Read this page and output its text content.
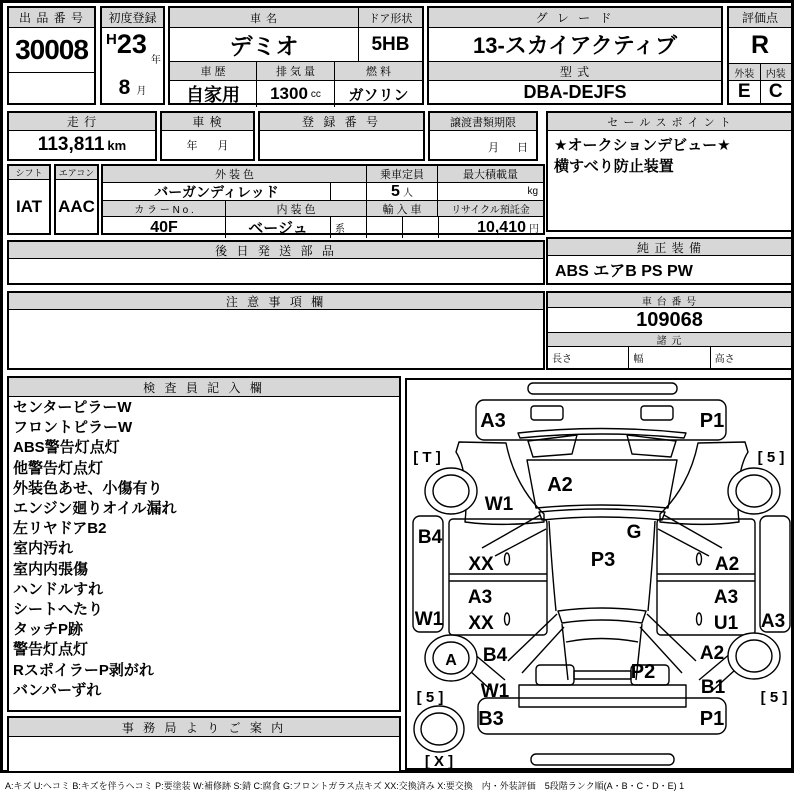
出 品 番 号
30008
初度登録
H 23
年
8 月
車 名	ドア形状
デミオ	5HB
車 歴	排 気 量	燃 料
自家用	1300 cc	ガソリン
グ レ ー ド
13-スカイアクティブ
型 式
DBA-DEJFS
評価点
R
外装	内装
E C
走 行
113,811 km
車 検
年 月
登 録 番 号	譲渡書類期限
月 日
セ ー ル ス ポ イ ン ト
★オークションデビュー★
横すべり防止装置
シフト
IAT
エアコン
AAC
外 装 色	乗車定員	最大積載量
バーガンディレッド	5 人	kg
カ ラ ー N o .	内 装 色	輸 入 車	リサイクル預託金
40F	ベージュ	系	10,410 円
後 日 発 送 部 品	純 正 装 備
ABS エアB PS PW
注 意 事 項 欄	車 台 番 号
109068
諸 元
長さ	幅	高さ
検 査 員 記 入 欄
センターピラーW
フロントピラーW
ABS警告灯点灯
他警告灯点灯
外装色あせ、小傷有り
エンジン廻りオイル漏れ
左リヤドアB2
室内汚れ
室内内張傷
ハンドルすれ
シートへたり
タッチP跡
警告灯点灯
RスポイラーP剥がれ
バンパーずれ
事 務 局 よ り ご 案 内
A3	P1
[ T ]	[ 5 ]
W1
A2
G
P3
B4
XX	A2
A3
XX
A3
U1
W1	A3
A B4
W1
A2
B1
[ 5 ]	[ 5 ]
P2
B3	P1
[ X ]
A:キズ U:ヘコミ B:キズを伴うヘコミ P:要塗装 W:補修跡 S:錆 C:腐食 G:フロントガラス点キズ XX:交換済み X:要交換　内・外装評価　5段階ランク順(A・B・C・D・E) 1
